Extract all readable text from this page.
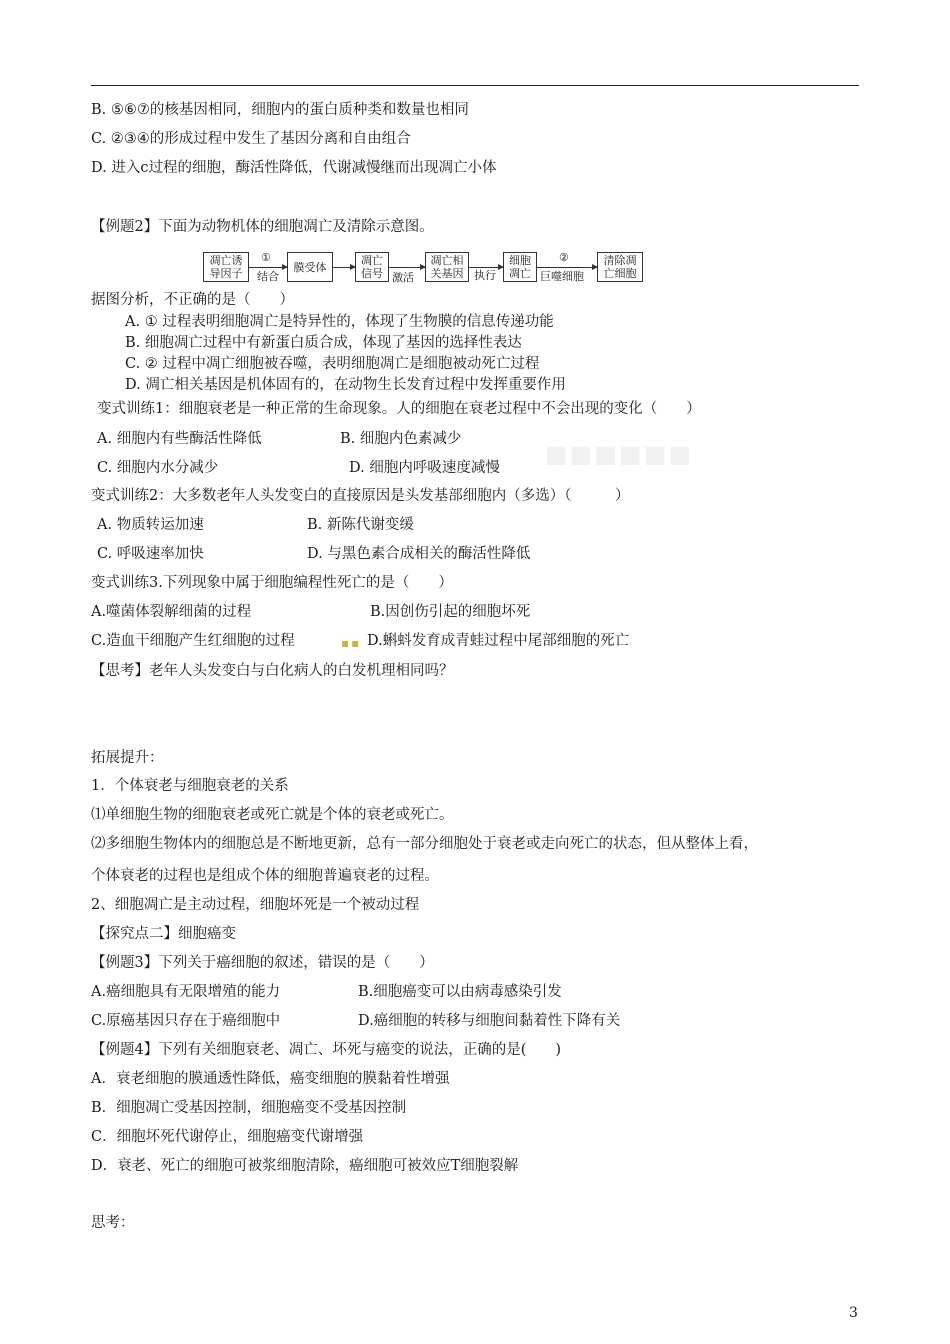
■■■■■■
B. ⑤⑥⑦的核基因相同，细胞内的蛋白质种类和数量也相同
C. ②③④的形成过程中发生了基因分离和自由组合
D. 进入c过程的细胞，酶活性降低，代谢减慢继而出现凋亡小体
【例题2】下面为动物机体的细胞凋亡及清除示意图。
凋亡诱
导因子
①
结合
膜受体	凋亡
信号 激活
凋亡相
关基因 执行
细胞
凋亡
②
巨噬细胞
清除凋
亡细胞
据图分析，不正确的是（　　）
A. ① 过程表明细胞凋亡是特异性的，体现了生物膜的信息传递功能
B. 细胞凋亡过程中有新蛋白质合成，体现了基因的选择性表达
C. ② 过程中凋亡细胞被吞噬，表明细胞凋亡是细胞被动死亡过程
D. 凋亡相关基因是机体固有的，在动物生长发育过程中发挥重要作用
变式训练1：细胞衰老是一种正常的生命现象。人的细胞在衰老过程中不会出现的变化（　　）
A. 细胞内有些酶活性降低	B. 细胞内色素减少
C. 细胞内水分减少	D. 细胞内呼吸速度减慢
变式训练2：大多数老年人头发变白的直接原因是头发基部细胞内（多选）（　　　）
A. 物质转运加速	B. 新陈代谢变缓
C. 呼吸速率加快	D. 与黑色素合成相关的酶活性降低
变式训练3.下列现象中属于细胞编程性死亡的是（　　）
A.噬菌体裂解细菌的过程
▪▪
B.因创伤引起的细胞坏死
C.造血干细胞产生红细胞的过程	D.蝌蚪发育成青蛙过程中尾部细胞的死亡
【思考】老年人头发变白与白化病人的白发机理相同吗？
拓展提升：
1．个体衰老与细胞衰老的关系
⑴单细胞生物的细胞衰老或死亡就是个体的衰老或死亡。
⑵多细胞生物体内的细胞总是不断地更新，总有一部分细胞处于衰老或走向死亡的状态，但从整体上看，
个体衰老的过程也是组成个体的细胞普遍衰老的过程。
2、细胞凋亡是主动过程，细胞坏死是一个被动过程
【探究点二】细胞癌变
【例题3】下列关于癌细胞的叙述，错误的是（　　）
A.癌细胞具有无限增殖的能力	B.细胞癌变可以由病毒感染引发
C.原癌基因只存在于癌细胞中	D.癌细胞的转移与细胞间黏着性下降有关
【例题4】下列有关细胞衰老、凋亡、坏死与癌变的说法，正确的是(　　)
A．衰老细胞的膜通透性降低，癌变细胞的膜黏着性增强
B．细胞凋亡受基因控制，细胞癌变不受基因控制
C．细胞坏死代谢停止，细胞癌变代谢增强
D．衰老、死亡的细胞可被浆细胞清除，癌细胞可被效应T细胞裂解
思考：
3
